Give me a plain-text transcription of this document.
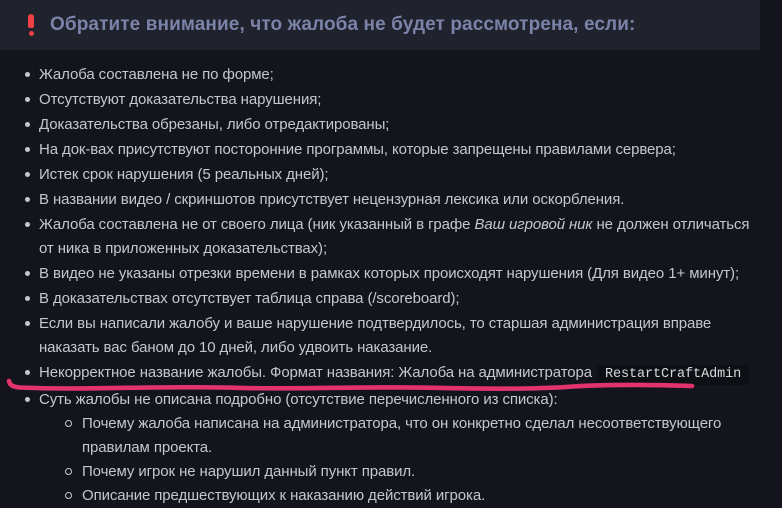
Обратите внимание, что жалоба не будет рассмотрена, если:
Жалоба составлена не по форме;
Отсутствуют доказательства нарушения;
Доказательства обрезаны, либо отредактированы;
На док-вах присутствуют посторонние программы, которые запрещены правилами сервера;
Истек срок нарушения (5 реальных дней);
В названии видео / скриншотов присутствует нецензурная лексика или оскорбления.
Жалоба составлена не от своего лица (ник указанный в графе Ваш игровой ник не должен отличаться от ника в приложенных доказательствах);
В видео не указаны отрезки времени в рамках которых происходят нарушения (Для видео 1+ минут);
В доказательствах отсутствует таблица справа (/scoreboard);
Если вы написали жалобу и ваше нарушение подтвердилось, то старшая администрация вправе наказать вас баном до 10 дней, либо удвоить наказание.
Некорректное название жалобы. Формат названия: Жалоба на администратора RestartCraftAdmin
Суть жалобы не описана подробно (отсутствие перечисленного из списка):
Почему жалоба написана на администратора, что он конкретно сделал несоответствующего правилам проекта.
Почему игрок не нарушил данный пункт правил.
Описание предшествующих к наказанию действий игрока.
